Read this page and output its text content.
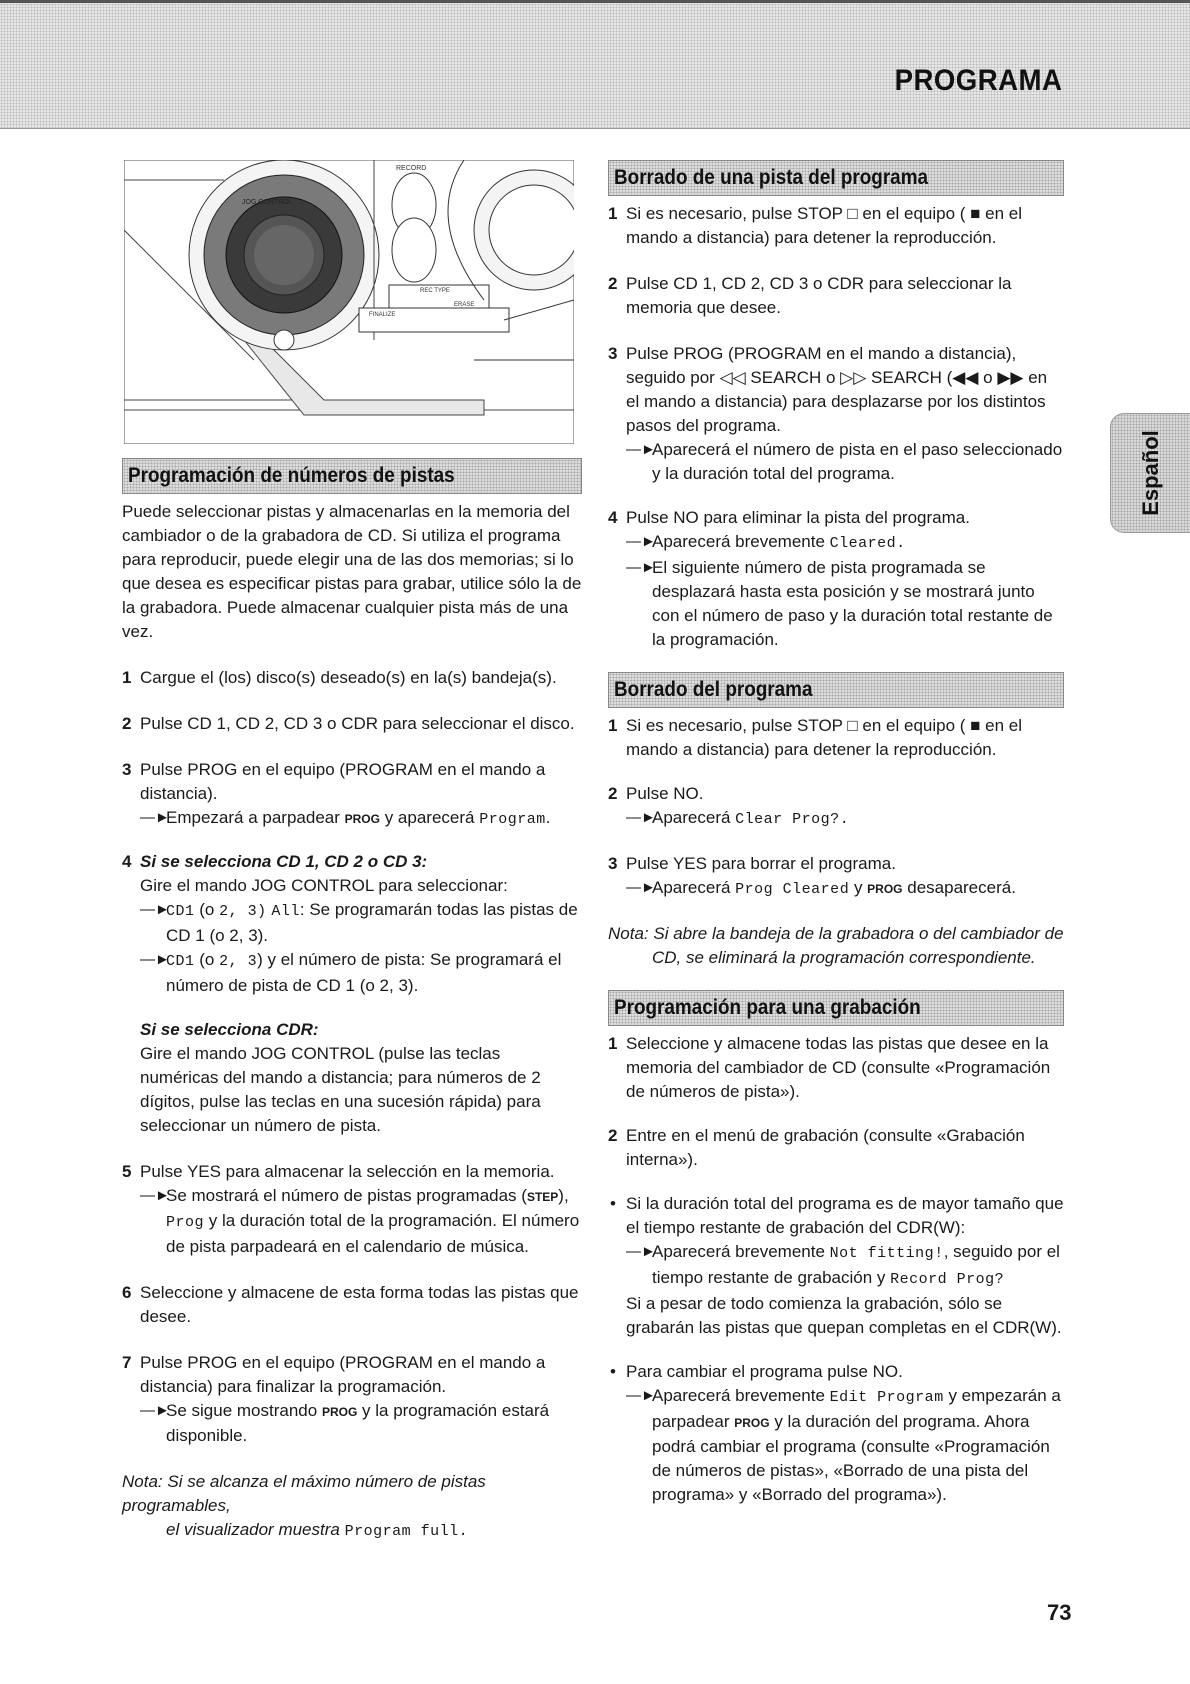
PROGRAMA
JOG CONTROL
RECORD
REC TYPE
FINALIZE
ERASE
Programación de números de pistas

Puede seleccionar pistas y almacenarlas en la memoria del cambiador o de la grabadora de CD. Si utiliza el programa para reproducir, puede elegir una de las dos memorias; si lo que desea es especificar pistas para grabar, utilice sólo la de la grabadora. Puede almacenar cualquier pista más de una vez.

1 Cargue el (los) disco(s) deseado(s) en la(s) bandeja(s).
2 Pulse CD 1, CD 2, CD 3 o CDR para seleccionar el disco.
3 Pulse PROG en el equipo (PROGRAM en el mando a distancia).
—►
Empezará a parpadear PROG y aparecerá Program.
4 Si se selecciona CD 1, CD 2 o CD 3:
Gire el mando JOG CONTROL para seleccionar:
—►
CD1 (o 2, 3) All: Se programarán todas las pistas de CD 1 (o 2, 3).
—►
CD1 (o 2, 3) y el número de pista: Se programará el número de pista de CD 1 (o 2, 3).
Si se selecciona CDR:
Gire el mando JOG CONTROL (pulse las teclas numéricas del mando a distancia; para números de 2 dígitos, pulse las teclas en una sucesión rápida) para seleccionar un número de pista.
5 Pulse YES para almacenar la selección en la memoria.
—►
Se mostrará el número de pistas programadas (STEP), Prog y la duración total de la programación. El número de pista parpadeará en el calendario de música.
6 Seleccione y almacene de esta forma todas las pistas que desee.
7 Pulse PROG en el equipo (PROGRAM en el mando a distancia) para finalizar la programación.
—►
Se sigue mostrando PROG y la programación estará disponible.
Nota: Si se alcanza el máximo número de pistas programables,
el visualizador muestra Program full.
Borrado de una pista del programa
1 Si es necesario, pulse STOP □ en el equipo ( ■ en el mando a distancia) para detener la reproducción.
2 Pulse CD 1, CD 2, CD 3 o CDR para seleccionar la memoria que desee.
3 Pulse PROG (PROGRAM en el mando a distancia), seguido por ◁◁ SEARCH o ▷▷ SEARCH (◀◀ o ▶▶ en el mando a distancia) para desplazarse por los distintos pasos del programa.
—►
Aparecerá el número de pista en el paso seleccionado y la duración total del programa.
4 Pulse NO para eliminar la pista del programa.
—►
Aparecerá brevemente Cleared.
—►
El siguiente número de pista programada se desplazará hasta esta posición y se mostrará junto con el número de paso y la duración total restante de la programación.
Borrado del programa
1 Si es necesario, pulse STOP □ en el equipo ( ■ en el mando a distancia) para detener la reproducción.
2 Pulse NO.
—►
Aparecerá Clear Prog?.
3 Pulse YES para borrar el programa.
—►
Aparecerá Prog Cleared y PROG desaparecerá.
Nota: Si abre la bandeja de la grabadora o del cambiador de
CD, se eliminará la programación correspondiente.
Programación para una grabación
1 Seleccione y almacene todas las pistas que desee en la memoria del cambiador de CD (consulte «Programación de números de pista»).
2 Entre en el menú de grabación (consulte «Grabación interna»).
• Si la duración total del programa es de mayor tamaño que el tiempo restante de grabación del CDR(W):
—►
Aparecerá brevemente Not fitting!, seguido por el tiempo restante de grabación y Record Prog?
Si a pesar de todo comienza la grabación, sólo se grabarán las pistas que quepan completas en el CDR(W).
• Para cambiar el programa pulse NO.
—►
Aparecerá brevemente Edit Program y empezarán a parpadear PROG y la duración del programa. Ahora podrá cambiar el programa (consulte «Programación de números de pistas», «Borrado de una pista del programa» y «Borrado del programa»).
Español
73
